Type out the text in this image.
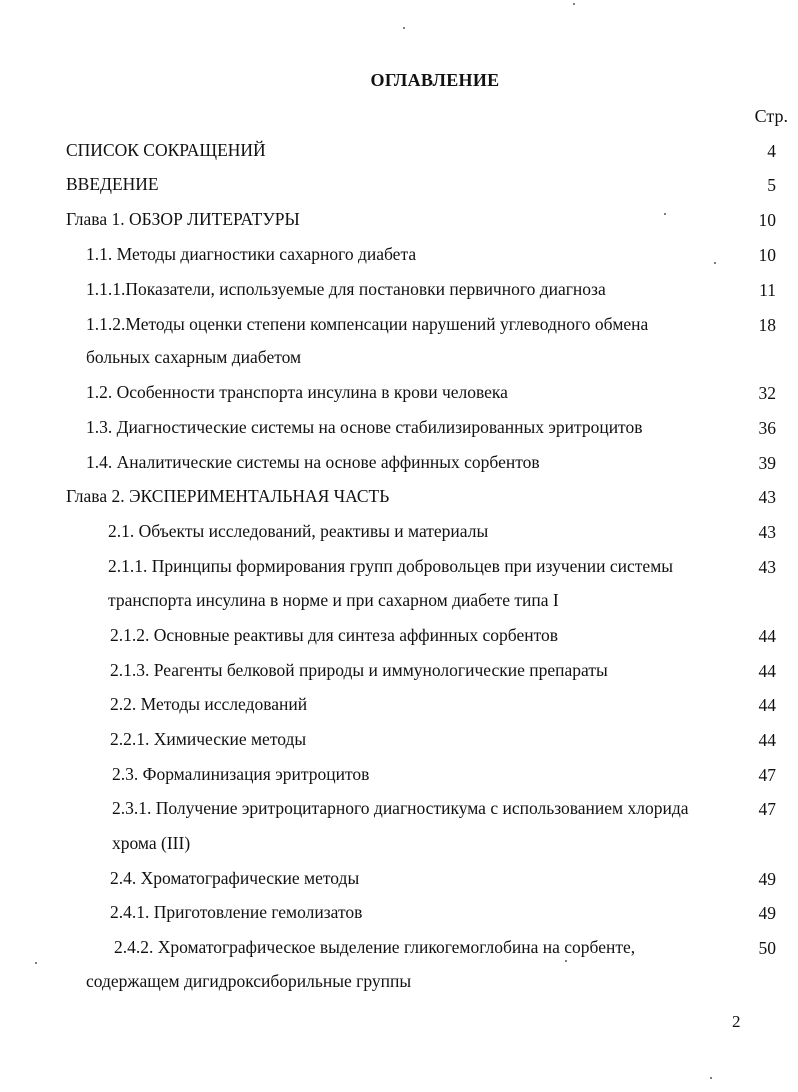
ОГЛАВЛЕНИЕ
Стр.
СПИСОК СОКРАЩЕНИЙ	4
ВВЕДЕНИЕ	5
Глава 1. ОБЗОР ЛИТЕРАТУРЫ	10
1.1. Методы диагностики сахарного диабета	10
1.1.1.Показатели, используемые для постановки первичного диагноза	11
1.1.2.Методы оценки степени компенсации нарушений углеводного обмена	18
больных сахарным диабетом
1.2. Особенности транспорта инсулина в крови человека	32
1.3. Диагностические системы на основе стабилизированных эритроцитов	36
1.4. Аналитические системы на основе аффинных сорбентов	39
Глава 2. ЭКСПЕРИМЕНТАЛЬНАЯ ЧАСТЬ	43
2.1. Объекты исследований, реактивы и материалы	43
2.1.1. Принципы формирования групп добровольцев при изучении системы	43
транспорта инсулина в норме и при сахарном диабете типа I
2.1.2. Основные реактивы для синтеза аффинных сорбентов	44
2.1.3. Реагенты белковой природы и иммунологические препараты	44
2.2. Методы исследований	44
2.2.1. Химические методы	44
2.3. Формалинизация эритроцитов	47
2.3.1. Получение эритроцитарного диагностикума с использованием хлорида	47
хрома (III)
2.4. Хроматографические методы	49
2.4.1. Приготовление гемолизатов	49
2.4.2. Хроматографическое выделение гликогемоглобина на сорбенте,	50
содержащем дигидроксиборильные группы
2
